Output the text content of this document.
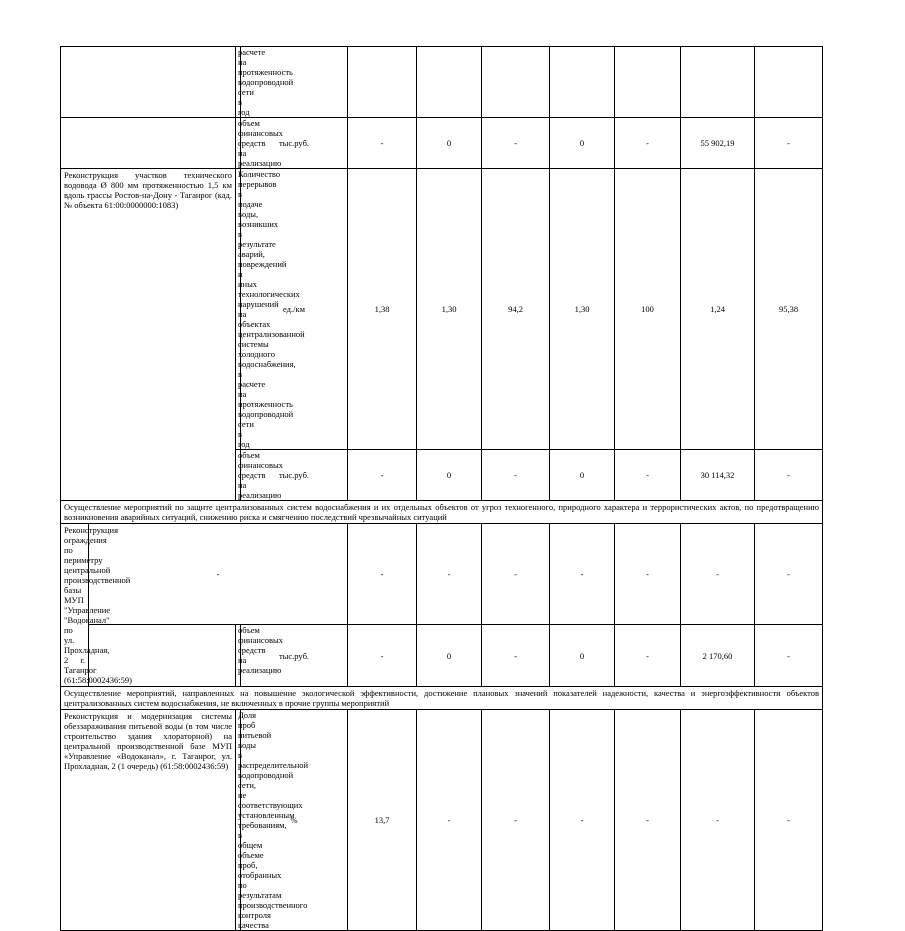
		расчете на протяженность водопроводной сети в год								
		объем финансовых средств на реализацию	тыс.руб.	-	0	-	0	-	55 902,19	-
	Реконструкция участков технического водовода Ø 800 мм протяженностью 1,5 км вдоль трассы Ростов-на-Дону - Таганрог (кад. № объекта 61:00:0000000:1083)		Количество перерывов в подаче воды, возникших в результате аварий, повреждений и иных технологических нарушений на объектах централизованной системы холодного водоснабжения, в расчете на протяженность водопроводной сети в год	ед./км	1,38	1,30	94,2	1,30	100	1,24	95,38
		объем финансовых средств на реализацию	тыс.руб.	-	0	-	0	-	30 114,32	-
	Осуществление мероприятий по защите централизованных систем водоснабжения и их отдельных объектов от угроз техногенного, природного характера и террористических актов, по предотвращению возникновения аварийных ситуаций, снижению риска и смягчению последствий чрезвычайных ситуаций										
	Реконструкция ограждения по периметру центральной производственной базы МУП "Управление "Водоканал" по ул. Прохладная, 2 г. Таганрог (61:58:0002436:59)	-			-	-	-	-	-	-	-
		объем финансовых средств на реализацию	тыс.руб.	-	0	-	0	-	2 170,60	-
	Осуществление мероприятий, направленных на повышение экологической эффективности, достижение плановых значений показателей надежности, качества и энергоэффективности объектов централизованных систем водоснабжения, не включенных в прочие группы мероприятий										
	Реконструкция и модернизация системы обеззараживания питьевой воды (в том числе строительство здания хлораторной) на центральной производственной базе МУП «Управление «Водоканал», г. Таганрог, ул. Прохладная, 2 (1 очередь) (61:58:0002436:59)		Доля проб питьевой воды в распределительной водопроводной сети, не соответствующих установленным требованиям, в общем объеме проб, отобранных по результатам производственного контроля качества	%	13,7	-	-	-	-	-	-
